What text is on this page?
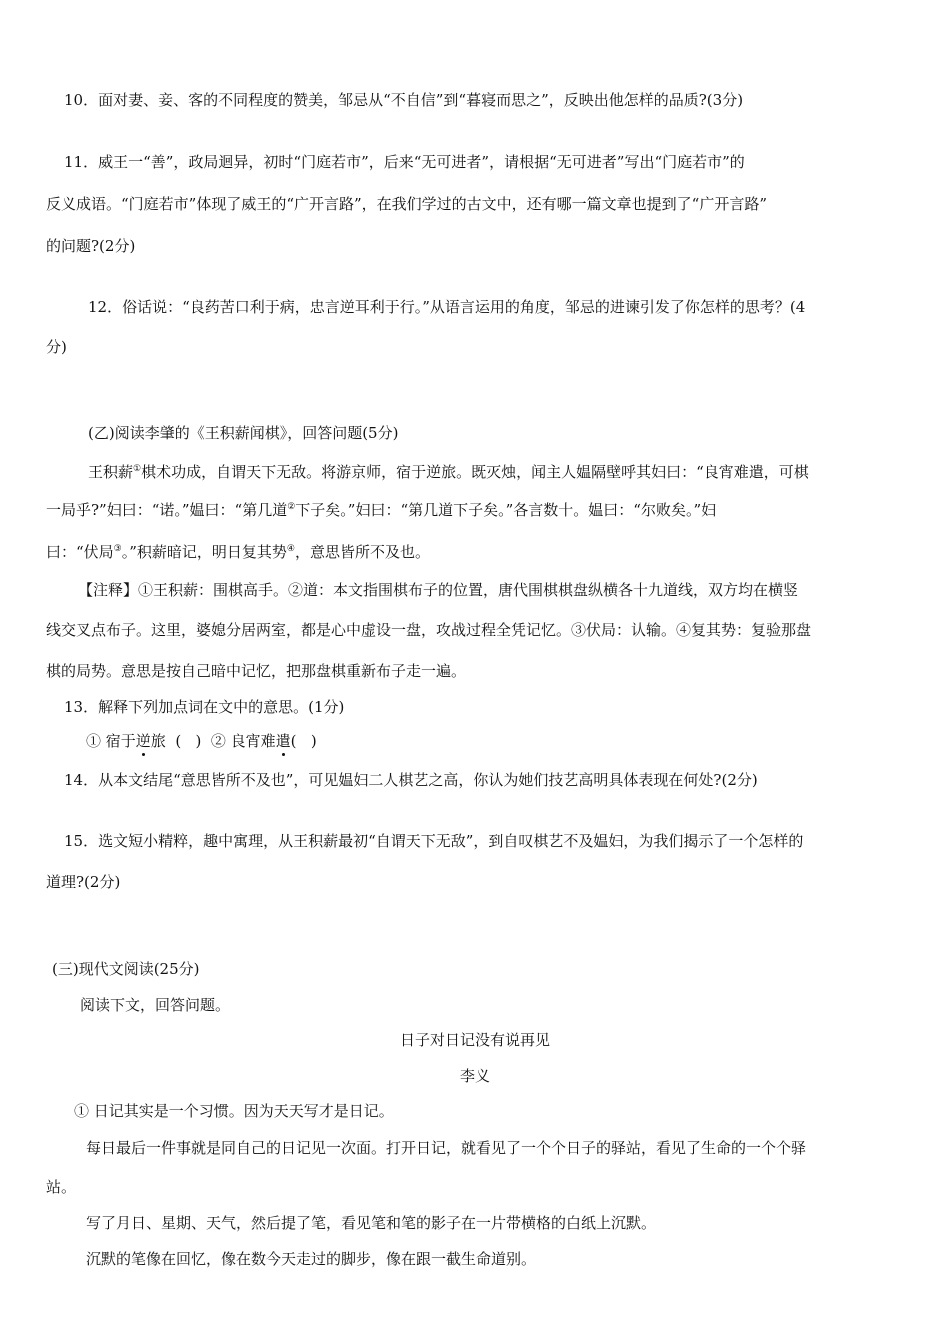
10．面对妻、妾、客的不同程度的赞美，邹忌从“不自信”到“暮寝而思之”，反映出他怎样的品质?(3分)
11．威王一“善”，政局迴异，初时“门庭若市”，后来“无可进者”，请根据“无可进者”写出“门庭若市”的
反义成语。“门庭若市”体现了威王的“广开言路”，在我们学过的古文中，还有哪一篇文章也提到了“广开言路”
的问题?(2分)
12．俗话说：“良药苦口利于病，忠言逆耳利于行。”从语言运用的角度，邹忌的进谏引发了你怎样的思考？(4
分)
(乙)阅读李肇的《王积薪闻棋》，回答问题(5分)
王积薪①棋术功成，自谓天下无敌。将游京师，宿于逆旅。既灭烛，闻主人媪隔壁呼其妇曰：“良宵难遣，可棋
一局乎?”妇曰：“诺。”媪曰：“第几道②下子矣。”妇曰：“第几道下子矣。”各言数十。媪曰：“尔败矣。”妇
曰：“伏局③。”积薪暗记，明日复其势④，意思皆所不及也。
【注释】①王积薪：围棋高手。②道：本文指围棋布子的位置，唐代围棋棋盘纵横各十九道线，双方均在横竖
线交叉点布子。这里，婆媳分居两室，都是心中虚设一盘，攻战过程全凭记忆。③伏局：认输。④复其势：复验那盘
棋的局势。意思是按自己暗中记忆，把那盘棋重新布子走一遍。
13．解释下列加点词在文中的意思。(1分)
① 宿于逆旅  (   )  ② 良宵难遣(   )
14．从本文结尾“意思皆所不及也”，可见媪妇二人棋艺之高，你认为她们技艺高明具体表现在何处?(2分)
15．选文短小精粹，趣中寓理，从王积薪最初“自谓天下无敌”，到自叹棋艺不及媪妇，为我们揭示了一个怎样的
道理?(2分)
(三)现代文阅读(25分)
阅读下文，回答问题。
日子对日记没有说再见
李义
① 日记其实是一个习惯。因为天天写才是日记。
每日最后一件事就是同自己的日记见一次面。打开日记，就看见了一个个日子的驿站，看见了生命的一个个驿
站。
写了月日、星期、天气，然后提了笔，看见笔和笔的影子在一片带横格的白纸上沉默。
沉默的笔像在回忆，像在数今天走过的脚步，像在跟一截生命道别。
